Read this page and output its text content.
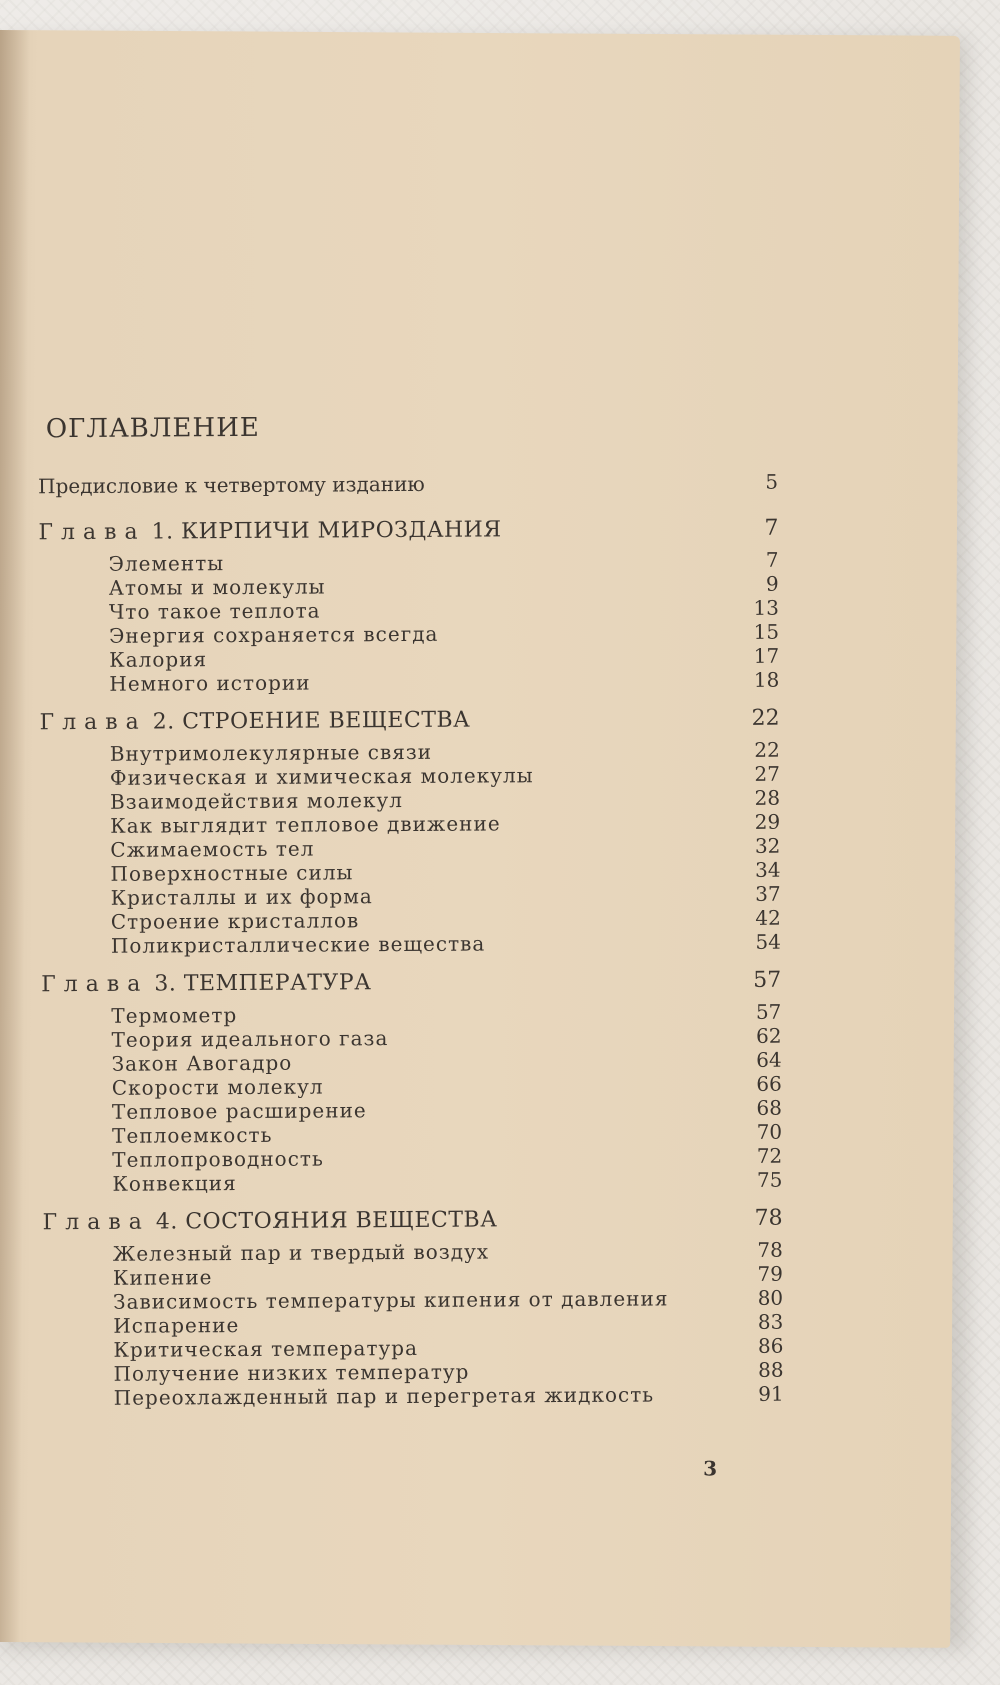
ОГЛАВЛЕНИЕ
Предисловие к четвертому изданию	5
Глава 1. КИРПИЧИ МИРОЗДАНИЯ	7
Элементы	7
Атомы и молекулы	9
Что такое теплота	13
Энергия сохраняется всегда	15
Калория	17
Немного истории	18
Глава 2. СТРОЕНИЕ ВЕЩЕСТВА	22
Внутримолекулярные связи	22
Физическая и химическая молекулы	27
Взаимодействия молекул	28
Как выглядит тепловое движение	29
Сжимаемость тел	32
Поверхностные силы	34
Кристаллы и их форма	37
Строение кристаллов	42
Поликристаллические вещества	54
Глава 3. ТЕМПЕРАТУРА	57
Термометр	57
Теория идеального газа	62
Закон Авогадро	64
Скорости молекул	66
Тепловое расширение	68
Теплоемкость	70
Теплопроводность	72
Конвекция	75
Глава 4. СОСТОЯНИЯ ВЕЩЕСТВА	78
Железный пар и твердый воздух	78
Кипение	79
Зависимость температуры кипения от давления	80
Испарение	83
Критическая температура	86
Получение низких температур	88
Переохлажденный пар и перегретая жидкость	91
3
